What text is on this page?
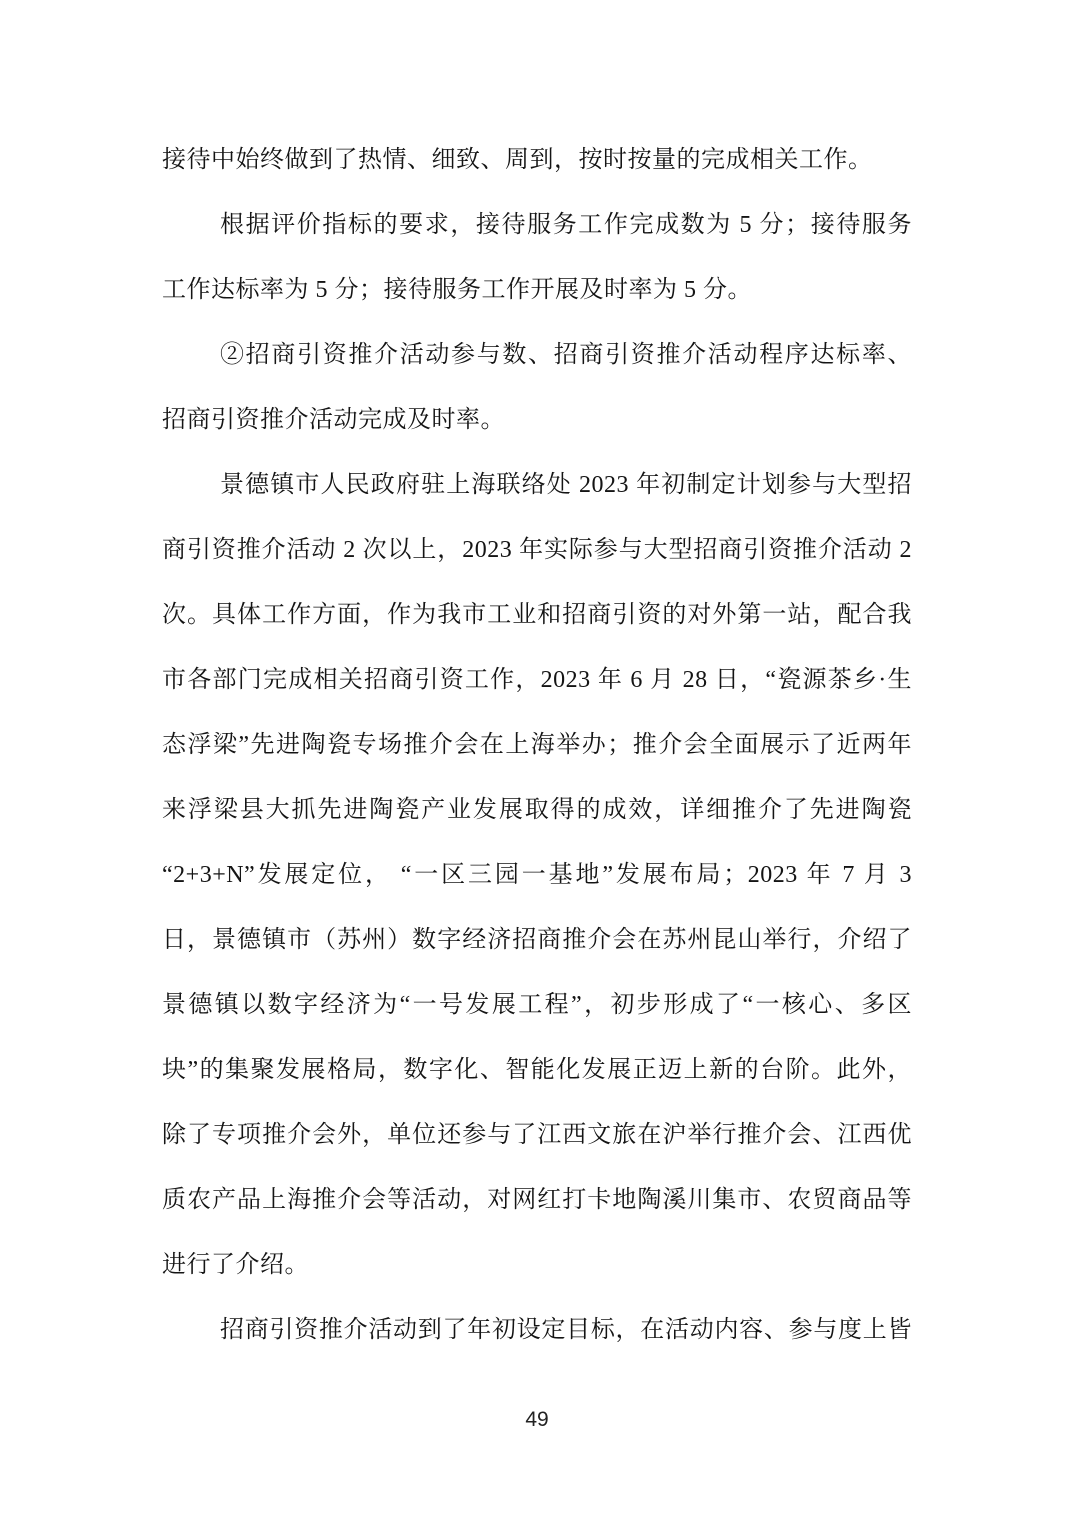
接待中始终做到了热情、细致、周到，按时按量的完成相关工作。
根据评价指标的要求，接待服务工作完成数为 5 分；接待服务
工作达标率为 5 分；接待服务工作开展及时率为 5 分。
②招商引资推介活动参与数、招商引资推介活动程序达标率、
招商引资推介活动完成及时率。
景德镇市人民政府驻上海联络处 2023 年初制定计划参与大型招
商引资推介活动 2 次以上，2023 年实际参与大型招商引资推介活动 2
次。具体工作方面，作为我市工业和招商引资的对外第一站，配合我
市各部门完成相关招商引资工作，2023 年 6 月 28 日，“瓷源茶乡·生
态浮梁”先进陶瓷专场推介会在上海举办；推介会全面展示了近两年
来浮梁县大抓先进陶瓷产业发展取得的成效，详细推介了先进陶瓷
“2+3+N”发展定位， “一区三园一基地”发展布局；2023 年 7 月 3
日，景德镇市（苏州）数字经济招商推介会在苏州昆山举行，介绍了
景德镇以数字经济为“一号发展工程”，初步形成了“一核心、多区
块”的集聚发展格局，数字化、智能化发展正迈上新的台阶。此外，
除了专项推介会外，单位还参与了江西文旅在沪举行推介会、江西优
质农产品上海推介会等活动，对网红打卡地陶溪川集市、农贸商品等
进行了介绍。
招商引资推介活动到了年初设定目标，在活动内容、参与度上皆
49
